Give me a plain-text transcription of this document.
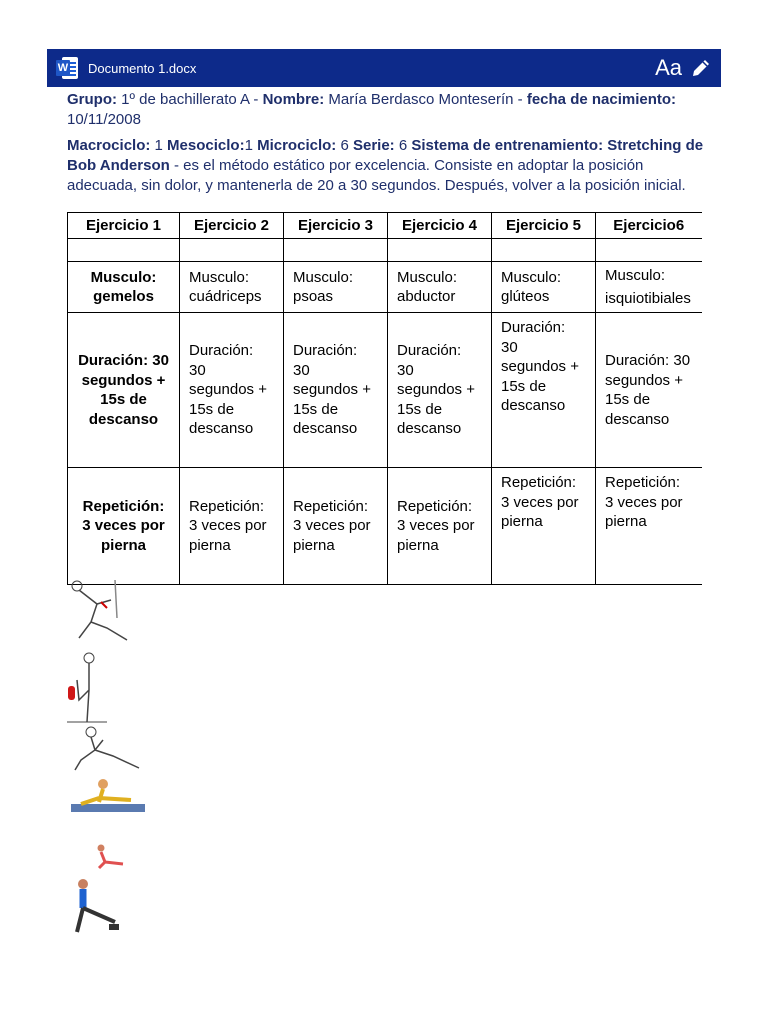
W Documento 1.docx	Aa

Grupo: 1º de bachillerato A - Nombre: María Berdasco Monteserín - fecha de nacimiento: 10/11/2008

Macrociclo: 1 Mesociclo:1 Microciclo: 6 Serie: 6 Sistema de entrenamiento: Stretching de Bob Anderson - es el método estático por excelencia. Consiste en adoptar la posición adecuada, sin dolor, y mantenerla de 20 a 30 segundos. Después, volver a la posición inicial.

Ejercicio 1	Ejercicio 2	Ejercicio 3	Ejercicio 4	Ejercicio 5	Ejercicio6

Musculo: gemelos	Musculo: cuádriceps	Musculo: psoas	Musculo: abductor	Musculo: glúteos	Musculo: isquiotibiales
Duración: 30 segundos + 15s de descanso	Duración: 30 segundos + 15s de descanso	Duración: 30 segundos + 15s de descanso	Duración: 30 segundos + 15s de descanso	Duración: 30 segundos + 15s de descanso	Duración: 30 segundos + 15s de descanso
Repetición: 3 veces por pierna	Repetición: 3 veces por pierna	Repetición: 3 veces por pierna	Repetición: 3 veces por pierna	Repetición: 3 veces por pierna	Repetición: 3 veces por pierna
